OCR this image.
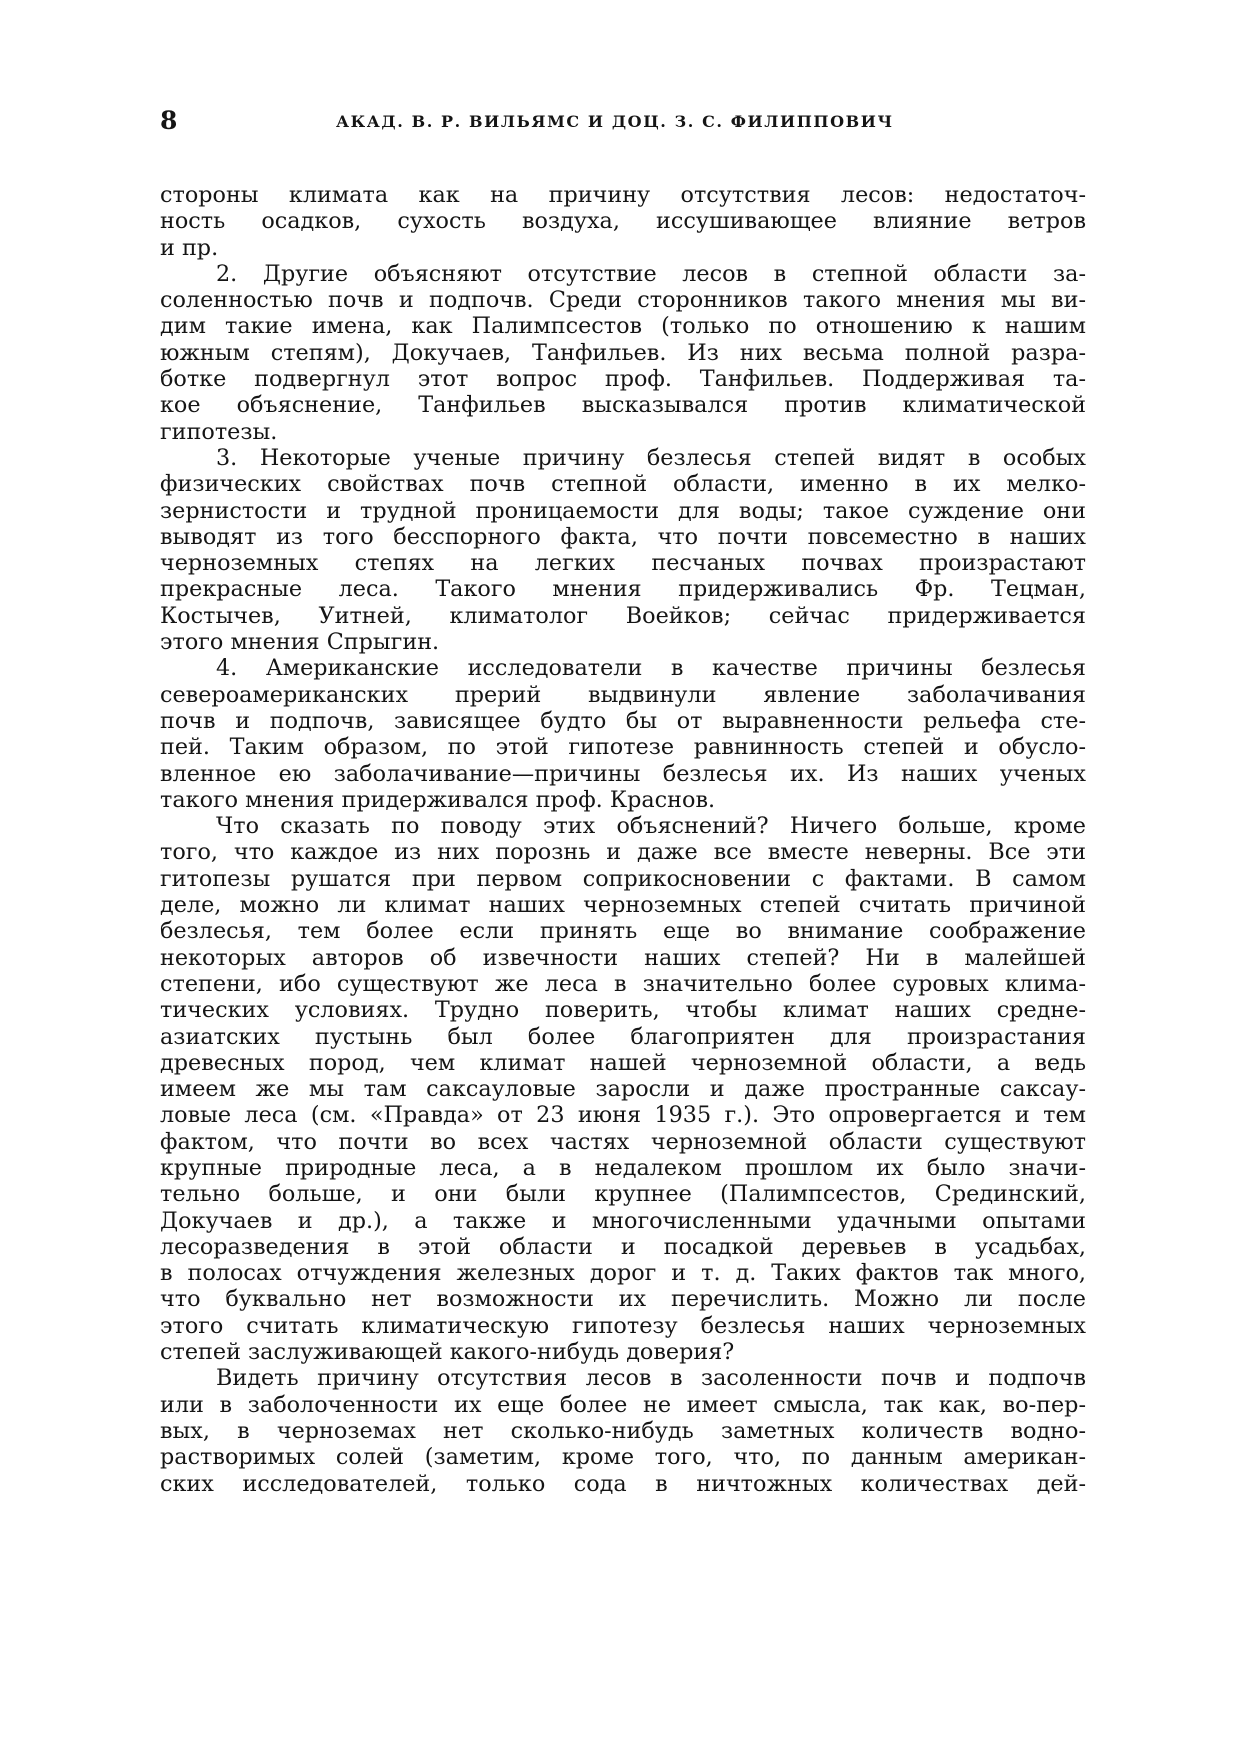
8	АКАД. В. Р. ВИЛЬЯМС И ДОЦ. З. С. ФИЛИППОВИЧ
стороны климата как на причину отсутствия лесов: недостаточ-
ность осадков, сухость воздуха, иссушивающее влияние ветров
и пр.
2. Другие объясняют отсутствие лесов в степной области за-
соленностью почв и подпочв. Среди сторонников такого мнения мы ви-
дим такие имена, как Палимпсестов (только по отношению к нашим
южным степям), Докучаев, Танфильев. Из них весьма полной разра-
ботке подвергнул этот вопрос проф. Танфильев. Поддерживая та-
кое объяснение, Танфильев высказывался против климатической
гипотезы.
3. Некоторые ученые причину безлесья степей видят в особых
физических свойствах почв степной области, именно в их мелко-
зернистости и трудной проницаемости для воды; такое суждение они
выводят из того бесспорного факта, что почти повсеместно в наших
черноземных степях на легких песчаных почвах произрастают
прекрасные леса. Такого мнения придерживались Фр. Тецман,
Костычев, Уитней, климатолог Воейков; сейчас придерживается
этого мнения Спрыгин.
4. Американские исследователи в качестве причины безлесья
североамериканских прерий выдвинули явление заболачивания
почв и подпочв, зависящее будто бы от выравненности рельефа сте-
пей. Таким образом, по этой гипотезе равнинность степей и обусло-
вленное ею заболачивание—причины безлесья их. Из наших ученых
такого мнения придерживался проф. Краснов.
Что сказать по поводу этих объяснений? Ничего больше, кроме
того, что каждое из них порознь и даже все вместе неверны. Все эти
гитопезы рушатся при первом соприкосновении с фактами. В самом
деле, можно ли климат наших черноземных степей считать причиной
безлесья, тем более если принять еще во внимание соображение
некоторых авторов об извечности наших степей? Ни в малейшей
степени, ибо существуют же леса в значительно более суровых клима-
тических условиях. Трудно поверить, чтобы климат наших средне-
азиатских пустынь был более благоприятен для произрастания
древесных пород, чем климат нашей черноземной области, а ведь
имеем же мы там саксауловые заросли и даже пространные саксау-
ловые леса (см. «Правда» от 23 июня 1935 г.). Это опровергается и тем
фактом, что почти во всех частях черноземной области существуют
крупные природные леса, а в недалеком прошлом их было значи-
тельно больше, и они были крупнее (Палимпсестов, Срединский,
Докучаев и др.), а также и многочисленными удачными опытами
лесоразведения в этой области и посадкой деревьев в усадьбах,
в полосах отчуждения железных дорог и т. д. Таких фактов так много,
что буквально нет возможности их перечислить. Можно ли после
этого считать климатическую гипотезу безлесья наших черноземных
степей заслуживающей какого-нибудь доверия?
Видеть причину отсутствия лесов в засоленности почв и подпочв
или в заболоченности их еще более не имеет смысла, так как, во-пер-
вых, в черноземах нет сколько-нибудь заметных количеств водно-
растворимых солей (заметим, кроме того, что, по данным американ-
ских исследователей, только сода в ничтожных количествах дей-
